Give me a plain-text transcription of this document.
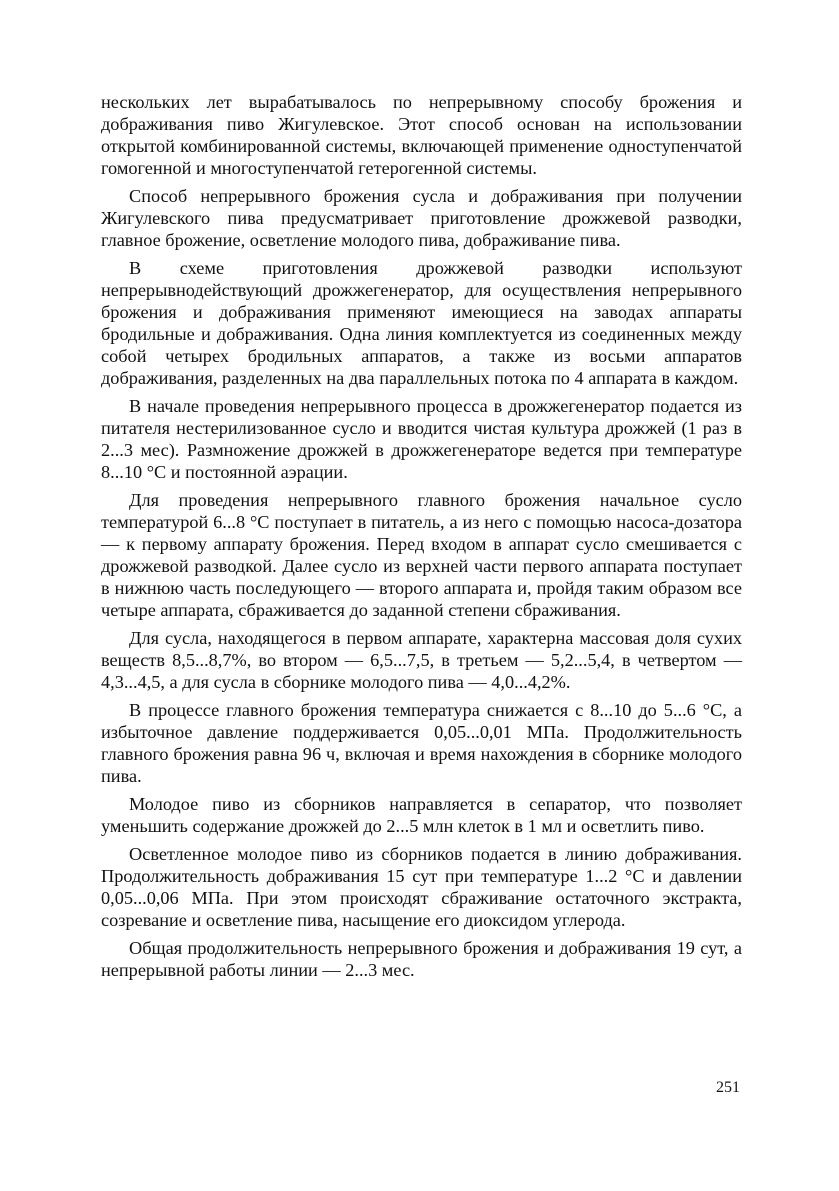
нескольких лет вырабатывалось по непрерывному способу брожения и дображивания пиво Жигулевское. Этот способ основан на использовании открытой комбинированной системы, включающей применение одноступенчатой гомогенной и многоступенчатой гетерогенной системы.

Способ непрерывного брожения сусла и дображивания при получении Жигулевского пива предусматривает приготовление дрожжевой разводки, главное брожение, осветление молодого пива, дображивание пива.

В схеме приготовления дрожжевой разводки используют непрерывнодействующий дрожжегенератор, для осуществления непрерывного брожения и дображивания применяют имеющиеся на заводах аппараты бродильные и дображивания. Одна линия комплектуется из соединенных между собой четырех бродильных аппаратов, а также из восьми аппаратов дображивания, разделенных на два параллельных потока по 4 аппарата в каждом.

В начале проведения непрерывного процесса в дрожжегенератор подается из питателя нестерилизованное сусло и вводится чистая культура дрожжей (1 раз в 2...3 мес). Размножение дрожжей в дрожжегенераторе ведется при температуре 8...10 °С и постоянной аэрации.

Для проведения непрерывного главного брожения начальное сусло температурой 6...8 °С поступает в питатель, а из него с помощью насоса-дозатора — к первому аппарату брожения. Перед входом в аппарат сусло смешивается с дрожжевой разводкой. Далее сусло из верхней части первого аппарата поступает в нижнюю часть последующего — второго аппарата и, пройдя таким образом все четыре аппарата, сбраживается до заданной степени сбраживания.

Для сусла, находящегося в первом аппарате, характерна массовая доля сухих веществ 8,5...8,7%, во втором — 6,5...7,5, в третьем — 5,2...5,4, в четвертом — 4,3...4,5, а для сусла в сборнике молодого пива — 4,0...4,2%.

В процессе главного брожения температура снижается с 8...10 до 5...6 °С, а избыточное давление поддерживается 0,05...0,01 МПа. Продолжительность главного брожения равна 96 ч, включая и время нахождения в сборнике молодого пива.

Молодое пиво из сборников направляется в сепаратор, что позволяет уменьшить содержание дрожжей до 2...5 млн клеток в 1 мл и осветлить пиво.

Осветленное молодое пиво из сборников подается в линию дображивания. Продолжительность дображивания 15 сут при температуре 1...2 °С и давлении 0,05...0,06 МПа. При этом происходят сбраживание остаточного экстракта, созревание и осветление пива, насыщение его диоксидом углерода.

Общая продолжительность непрерывного брожения и дображивания 19 сут, а непрерывной работы линии — 2...3 мес.

251
